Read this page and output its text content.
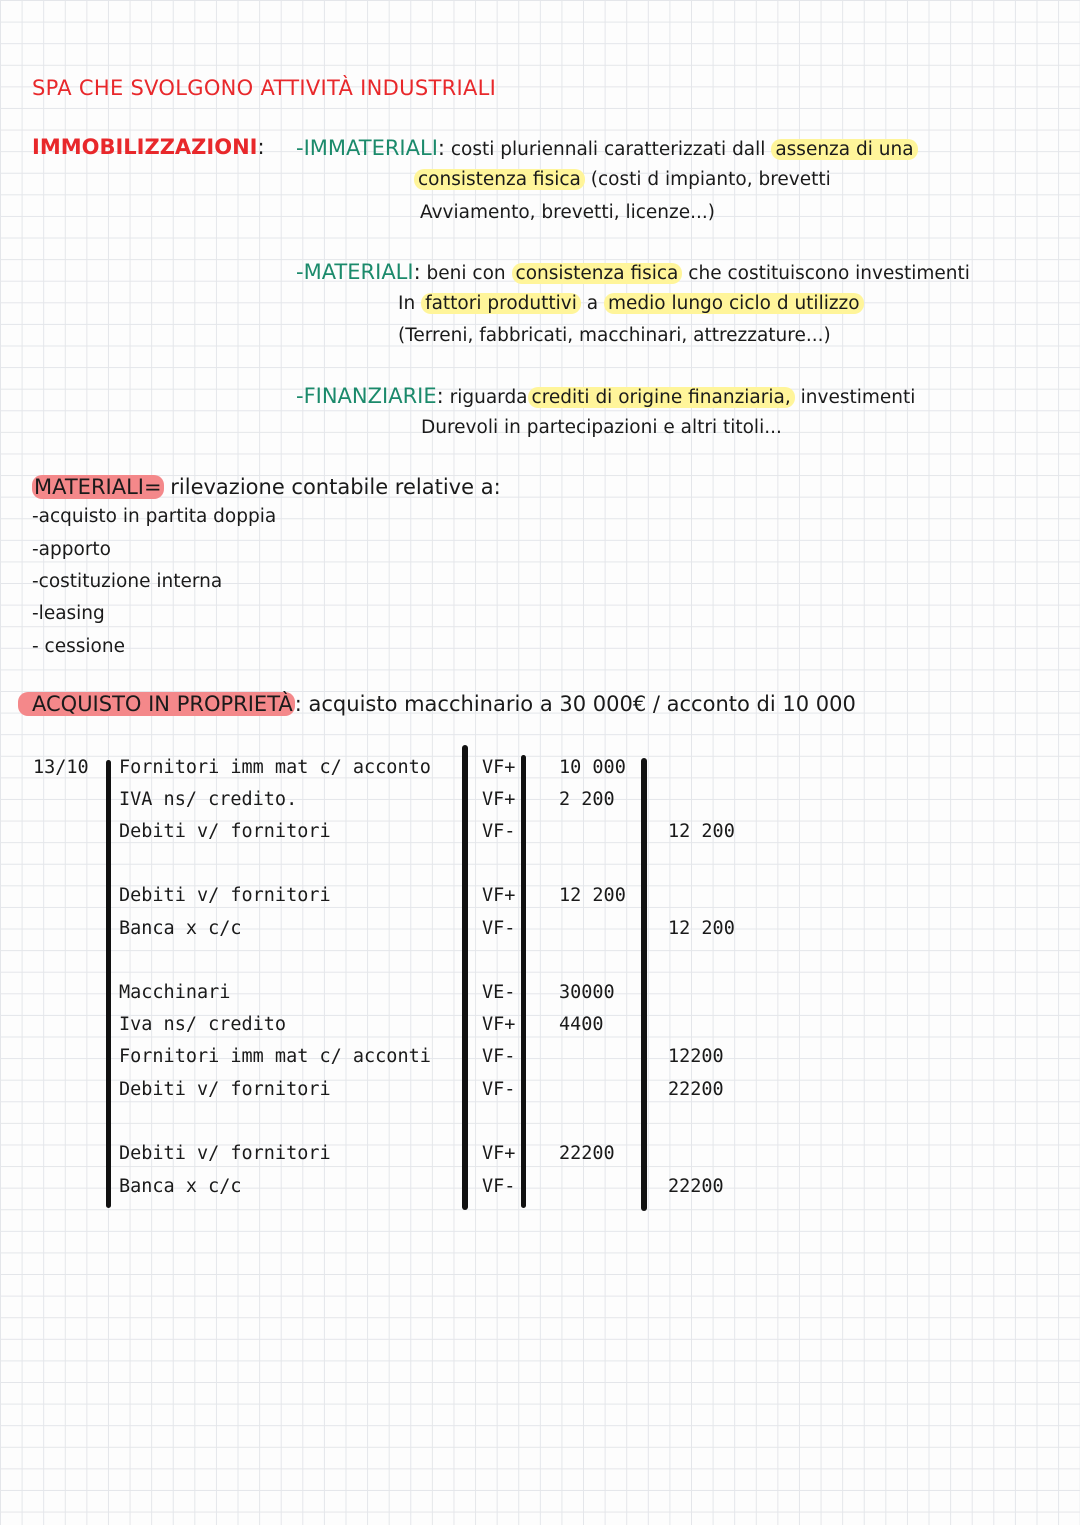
SPA CHE SVOLGONO ATTIVITÀ INDUSTRIALI
IMMOBILIZZAZIONI: -IMMATERIALI: costi pluriennali caratterizzati dall assenza di una
consistenza fisica (costi d impianto, brevetti
Avviamento, brevetti, licenze...)
-MATERIALI: beni con consistenza fisica che costituiscono investimenti
In fattori produttivi a medio lungo ciclo d utilizzo
(Terreni, fabbricati, macchinari, attrezzature...)
-FINANZIARIE: riguarda crediti di origine finanziaria, investimenti
Durevoli in partecipazioni e altri titoli...
MATERIALI= rilevazione contabile relative a:
-acquisto in partita doppia
-apporto
-costituzione interna
-leasing
- cessione
ACQUISTO IN PROPRIETÀ: acquisto macchinario a 30 000€ / acconto di 10 000
13/10 Fornitori imm mat c/ acconto	VF+ 10 000
IVA ns/ credito.	VF+ 2 200
Debiti v/ fornitori	VF-	12 200
Debiti v/ fornitori	VF+ 12 200
Banca x c/c	VF-	12 200
Macchinari	VE- 30000
Iva ns/ credito	VF+ 4400
Fornitori imm mat c/ acconti	VF-	12200
Debiti v/ fornitori	VF-	22200
Debiti v/ fornitori	VF+ 22200
Banca x c/c	VF-	22200
